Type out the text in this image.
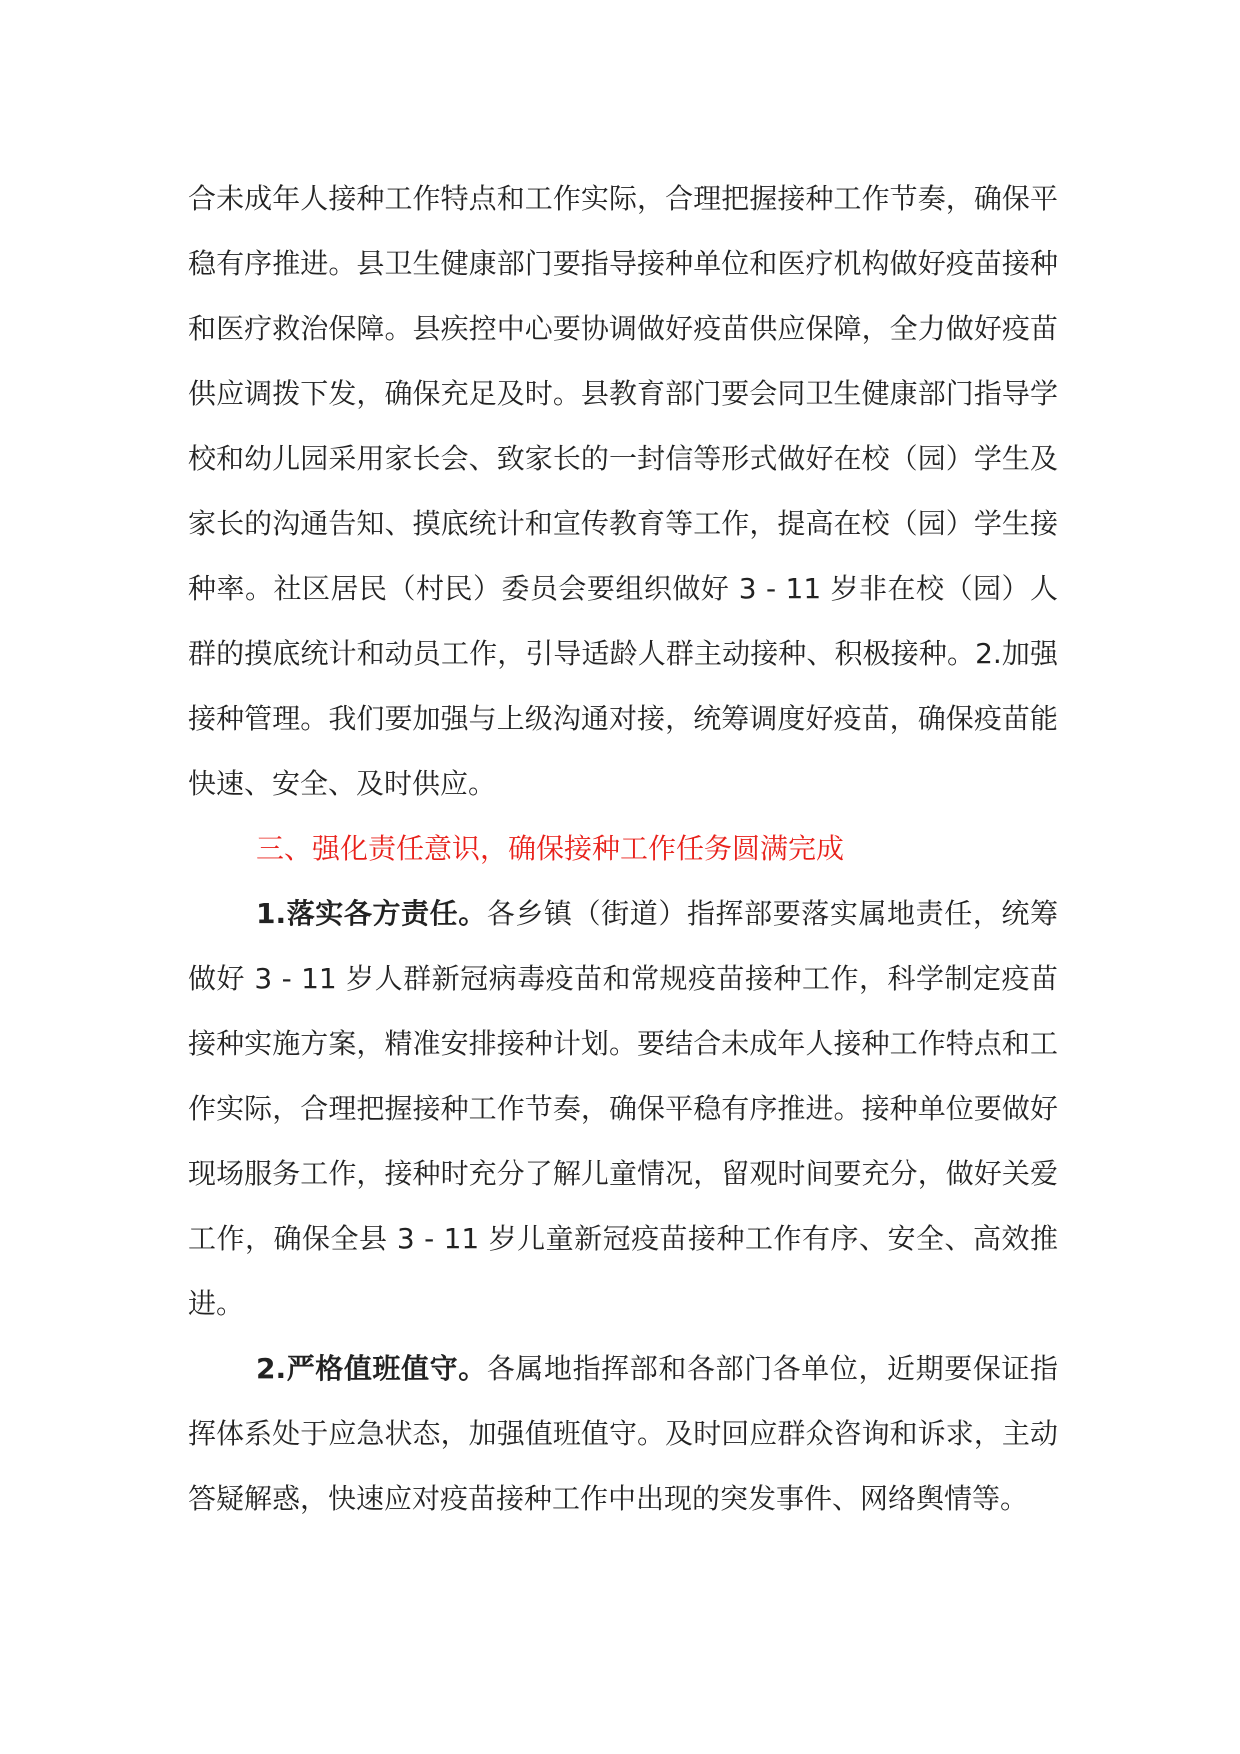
合未成年人接种工作特点和工作实际，合理把握接种工作节奏，确保平稳有序推进。县卫生健康部门要指导接种单位和医疗机构做好疫苗接种和医疗救治保障。县疾控中心要协调做好疫苗供应保障，全力做好疫苗供应调拨下发，确保充足及时。县教育部门要会同卫生健康部门指导学校和幼儿园采用家长会、致家长的一封信等形式做好在校（园）学生及家长的沟通告知、摸底统计和宣传教育等工作，提高在校（园）学生接种率。社区居民（村民）委员会要组织做好 3 - 11 岁非在校（园）人群的摸底统计和动员工作，引导适龄人群主动接种、积极接种。2.加强接种管理。我们要加强与上级沟通对接，统筹调度好疫苗，确保疫苗能快速、安全、及时供应。

三、强化责任意识，确保接种工作任务圆满完成

1.落实各方责任。各乡镇（街道）指挥部要落实属地责任，统筹做好 3 - 11 岁人群新冠病毒疫苗和常规疫苗接种工作，科学制定疫苗接种实施方案，精准安排接种计划。要结合未成年人接种工作特点和工作实际，合理把握接种工作节奏，确保平稳有序推进。接种单位要做好现场服务工作，接种时充分了解儿童情况，留观时间要充分，做好关爱工作，确保全县 3 - 11 岁儿童新冠疫苗接种工作有序、安全、高效推进。

2.严格值班值守。各属地指挥部和各部门各单位，近期要保证指挥体系处于应急状态，加强值班值守。及时回应群众咨询和诉求，主动答疑解惑，快速应对疫苗接种工作中出现的突发事件、网络舆情等。
